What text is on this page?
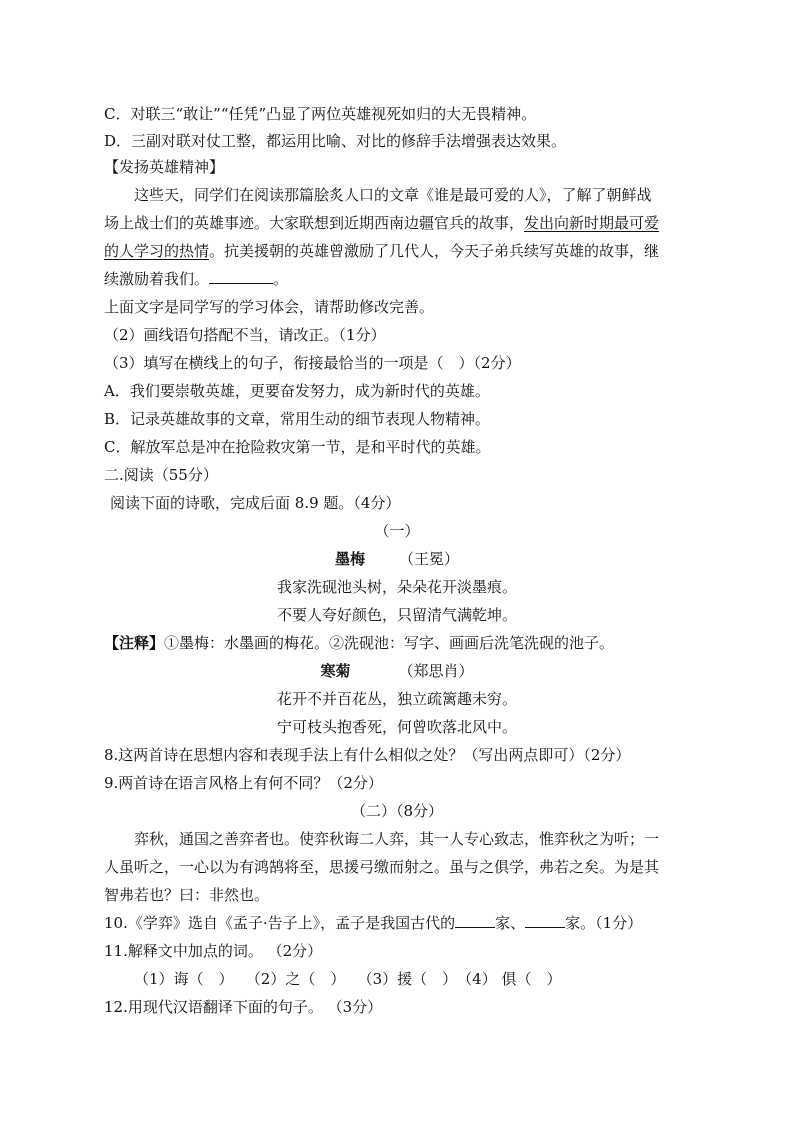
C．对联三“敢让”“任凭”凸显了两位英雄视死如归的大无畏精神。
D．三副对联对仗工整，都运用比喻、对比的修辞手法增强表达效果。
【发扬英雄精神】
这些天，同学们在阅读那篇脍炙人口的文章《谁是最可爱的人》，了解了朝鲜战
场上战士们的英雄事迹。大家联想到近期西南边疆官兵的故事，发出向新时期最可爱
的人学习的热情。抗美援朝的英雄曾激励了几代人，今天子弟兵续写英雄的故事，继
续激励着我们。	。
上面文字是同学写的学习体会，请帮助修改完善。
（2）画线语句搭配不当，请改正。（1分）
（3）填写在横线上的句子，衔接最恰当的一项是（　）（2分）
A．我们要崇敬英雄，更要奋发努力，成为新时代的英雄。
B．记录英雄故事的文章，常用生动的细节表现人物精神。
C．解放军总是冲在抢险救灾第一节，是和平时代的英雄。
二.阅读（55分）
阅读下面的诗歌，完成后面 8.9 题。（4分）
（一）
墨梅 （王冕）
我家洗砚池头树，朵朵花开淡墨痕。
不要人夸好颜色，只留清气满乾坤。
【注释】①墨梅：水墨画的梅花。②洗砚池：写字、画画后洗笔洗砚的池子。
寒菊	（郑思肖）
花开不并百花丛，独立疏篱趣未穷。
宁可枝头抱香死，何曾吹落北风中。
8.这两首诗在思想内容和表现手法上有什么相似之处？（写出两点即可）（2分）
9.两首诗在语言风格上有何不同？（2分）
（二）（8分）
弈秋，通国之善弈者也。使弈秋诲二人弈，其一人专心致志，惟弈秋之为听；一
人虽听之，一心以为有鸿鹄将至，思援弓缴而射之。虽与之俱学，弗若之矣。为是其
智弗若也？曰：非然也。
10.《学弈》选自《孟子·告子上》，孟子是我国古代的	家、	家。（1分）
11.解释文中加点的词。 （2分）
（1）诲（　）　 （2）之（　）　 （3）援（　）　（4） 俱（　）
12.用现代汉语翻译下面的句子。 （3分）
